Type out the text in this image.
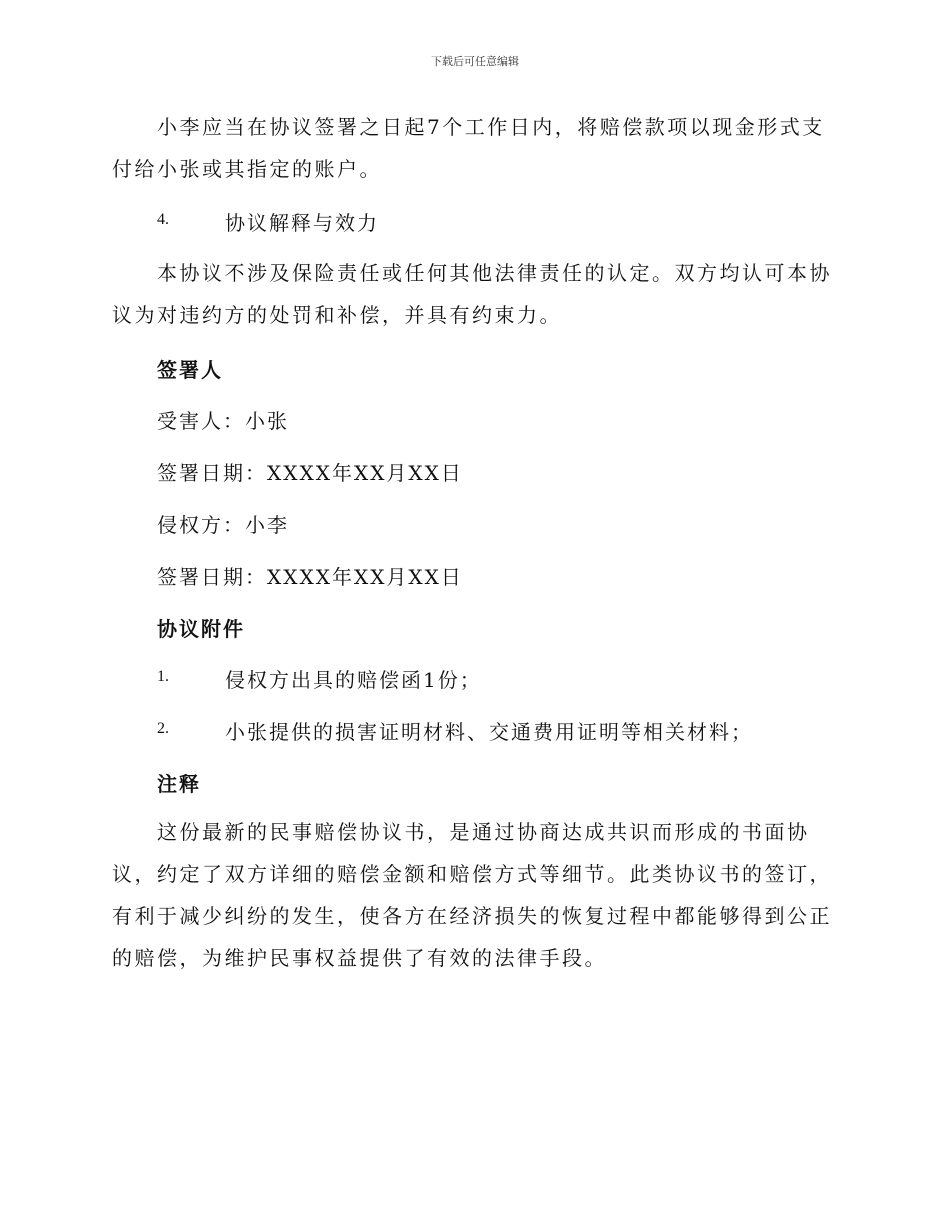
下载后可任意编辑

小李应当在协议签署之日起7个工作日内，将赔偿款项以现金形式支付给小张或其指定的账户。

4.	协议解释与效力

本协议不涉及保险责任或任何其他法律责任的认定。双方均认可本协议为对违约方的处罚和补偿，并具有约束力。

签署人

受害人：小张

签署日期：XXXX年XX月XX日

侵权方：小李

签署日期：XXXX年XX月XX日

协议附件
1.	侵权方出具的赔偿函1份；
2.	小张提供的损害证明材料、交通费用证明等相关材料；
注释

这份最新的民事赔偿协议书，是通过协商达成共识而形成的书面协议，约定了双方详细的赔偿金额和赔偿方式等细节。此类协议书的签订，有利于减少纠纷的发生，使各方在经济损失的恢复过程中都能够得到公正的赔偿，为维护民事权益提供了有效的法律手段。
